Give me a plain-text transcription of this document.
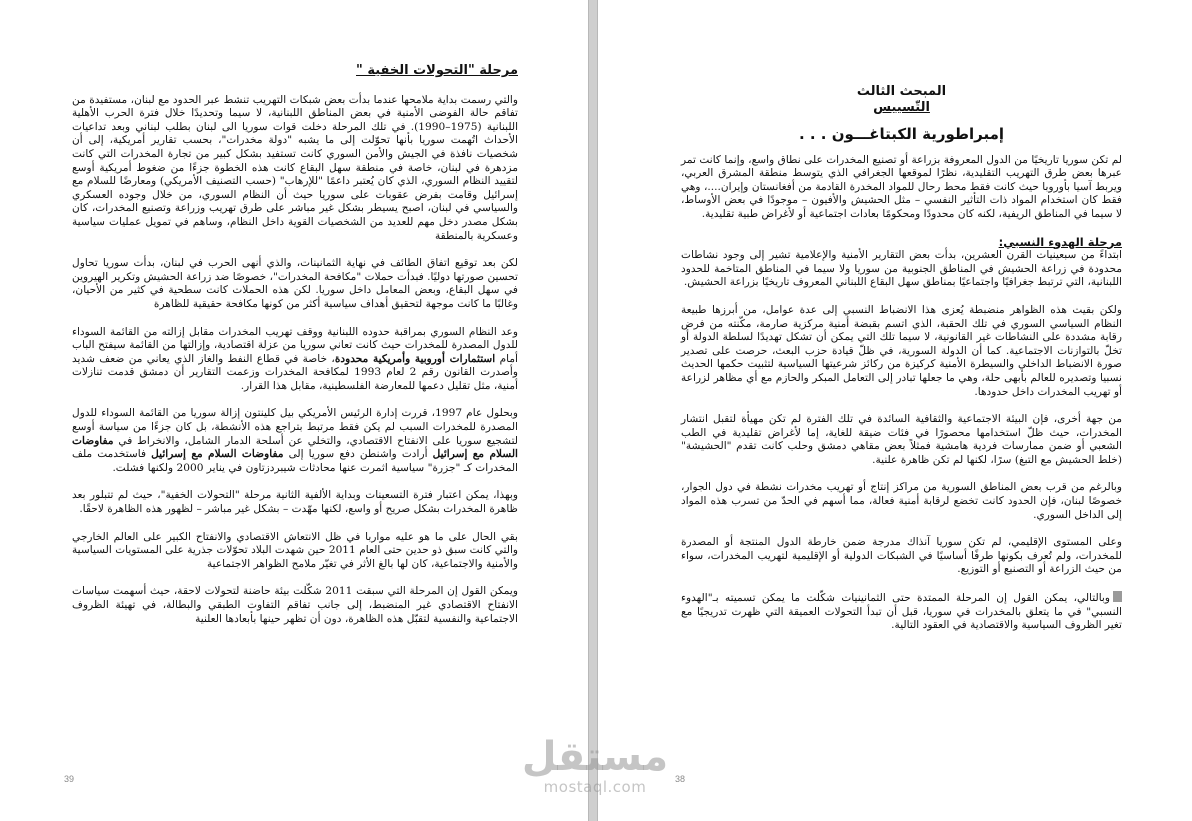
مرحلة "التحولات الخفية "

والتي رسمت بداية ملامحها عندما بدأت بعض شبكات التهريب تنشط عبر الحدود مع لبنان، مستفيدة من تفاقم حالة الفوضى الأمنية في بعض المناطق اللبنانية، لا سيما وتحديدًا خلال فترة الحرب الأهلية اللبنانية (1975–1990). في تلك المرحلة دخلت قوات سوريا الى لبنان بطلب لبناني وبعد تداعيات الأحداث اتُهمت سوريا بأنها تحوّلت إلى ما يشبه "دولة مخدرات"، بحسب تقارير أمريكية، إلى أن شخصيات نافذة في الجيش والأمن السوري كانت تستفيد بشكل كبير من تجارة المخدرات التي كانت مزدهرة في لبنان، خاصة في منطقة سهل البقاع كانت هذه الخطوة جزءًا من ضغوط أمريكية أوسع لتقييد النظام السوري، الذي كان يُعتبر داعمًا "للإرهاب" (حسب التصنيف الأمريكي) ومعارضًا للسلام مع إسرائيل وقامت بفرض عقوبات على سوريا حيث أن النظام السوري، من خلال وجوده العسكري والسياسي في لبنان، اصبح يسيطر بشكل غير مباشر على طرق تهريب وزراعة وتصنيع المخدرات، كان بشكل مصدر دخل مهم للعديد من الشخصيات القوية داخل النظام، وساهم في تمويل عمليات سياسية وعسكرية بالمنطقة

لكن بعد توقيع اتفاق الطائف في نهاية الثمانينات، والذي أنهى الحرب في لبنان، بدأت سوريا تحاول تحسين صورتها دوليًا. فبدأت حملات "مكافحة المخدرات"، خصوصًا ضد زراعة الحشيش وتكرير الهيروين في سهل البقاع، وبعض المعامل داخل سوريا. لكن هذه الحملات كانت سطحية في كثير من الأحيان، وغالبًا ما كانت موجهة لتحقيق أهداف سياسية أكثر من كونها مكافحة حقيقية للظاهرة

وعد النظام السوري بمراقبة حدوده اللبنانية ووقف تهريب المخدرات مقابل إزالته من القائمة السوداء للدول المصدرة للمخدرات حيث كانت تعاني سوريا من عزلة اقتصادية، وإزالتها من القائمة سيفتح الباب أمام استثمارات أوروبية وأمريكية محدودة، خاصة في قطاع النفط والغاز الذي يعاني من ضعف شديد وأصدرت القانون رقم 2 لعام 1993 لمكافحة المخدرات وزعمت التقارير أن دمشق قدمت تنازلات أمنية، مثل تقليل دعمها للمعارضة الفلسطينية، مقابل هذا القرار.

وبحلول عام 1997، قررت إدارة الرئيس الأمريكي بيل كلينتون إزالة سوريا من القائمة السوداء للدول المصدرة للمخدرات السبب لم يكن فقط مرتبط بتراجع هذه الأنشطة، بل كان جزءًا من سياسة أوسع لتشجيع سوريا على الانفتاح الاقتصادي، والتخلي عن أسلحة الدمار الشامل، والانخراط في مفاوضات السلام مع إسرائيل أرادت واشنطن دفع سوريا إلى مفاوضات السلام مع إسرائيل فاستخدمت ملف المخدرات كـ "جزرة" سياسية اثمرت عنها محادثات شيبردزتاون في يناير 2000 ولكنها فشلت.

وبهذا، يمكن اعتبار فترة التسعينات وبداية الألفية الثانية مرحلة "التحولات الخفية"، حيث لم تتبلور بعد ظاهرة المخدرات بشكل صريح أو واسع، لكنها مهّدت – بشكل غير مباشر – لظهور هذه الظاهرة لاحقًا.

بقي الحال على ما هو عليه مواربا في ظل الانتعاش الاقتصادي والانفتاح الكبير على العالم الخارجي والتي كانت سبق ذو حدين حتى العام 2011 حين شهدت البلاد تحوّلات جذرية على المستويات السياسية والأمنية والاجتماعية، كان لها بالغ الأثر في تغيّر ملامح الظواهر الاجتماعية

ويمكن القول إن المرحلة التي سبقت 2011 شكّلت بيئة حاضنة لتحولات لاحقة، حيث أسهمت سياسات الانفتاح الاقتصادي غير المنضبط، إلى جانب تفاقم التفاوت الطبقي والبطالة، في تهيئة الظروف الاجتماعية والنفسية لتقبّل هذه الظاهرة، دون أن تظهر حينها بأبعادها العلنية

39
المبحث الثالث
التّسييس
إمبراطورية الكبتاغـــون . . .

لم تكن سوريا تاريخيًا من الدول المعروفة بزراعة أو تصنيع المخدرات على نطاق واسع، وإنما كانت تمر عبرها بعض طرق التهريب التقليدية، نظرًا لموقعها الجغرافي الذي يتوسط منطقة المشرق العربي، ويربط آسيا بأوروبا حيث كانت فقط محط رحال للمواد المخدرة القادمة من أفغانستان وإيران....، وهي فقط كان استخدام المواد ذات التأثير النفسي – مثل الحشيش والأفيون – موجودًا في بعض الأوساط، لا سيما في المناطق الريفية، لكنه كان محدودًا ومحكومًا بعادات اجتماعية أو لأغراض طبية تقليدية.

مرحلة الهدوء النسبي:

ابتداءً من سبعينيات القرن العشرين، بدأت بعض التقارير الأمنية والإعلامية تشير إلى وجود نشاطات محدودة في زراعة الحشيش في المناطق الجنوبية من سوريا ولا سيما في المناطق المتاخمة للحدود اللبنانية، التي ترتبط جغرافيًا واجتماعيًا بمناطق سهل البقاع اللبناني المعروف تاريخيًا بزراعة الحشيش.

ولكن بقيت هذه الظواهر منضبطة يُعزى هذا الانضباط النسبي إلى عدة عوامل، من أبرزها طبيعة النظام السياسي السوري في تلك الحقبة، الذي اتسم بقبضة أمنية مركزية صارمة، مكّنته من فرض رقابة مشددة على النشاطات غير القانونية، لا سيما تلك التي يمكن أن تشكل تهديدًا لسلطة الدولة أو تخلّ بالتوازنات الاجتماعية. كما أن الدولة السورية، في ظلّ قيادة حزب البعث، حرصت على تصدير صورة الانضباط الداخلي والسيطرة الأمنية كركيزة من ركائز شرعيتها السياسية لتثبيت حكمها الحديث نسبيا وتصديره للعالم بأبهى حلة، وهي ما جعلها تبادر إلى التعامل المبكر والحازم مع أي مظاهر لزراعة أو تهريب المخدرات داخل حدودها.

من جهة أخرى، فإن البيئة الاجتماعية والثقافية السائدة في تلك الفترة لم تكن مهيأة لتقبل انتشار المخدرات، حيث ظلّ استخدامها محصورًا في فئات ضيقة للغاية، إما لأغراض تقليدية في الطب الشعبي أو ضمن ممارسات فردية هامشية فمثلاً بعض مقاهي دمشق وحلب كانت تقدم "الحشيشة" (خلط الحشيش مع التبغ) سرًا، لكنها لم تكن ظاهرة علنية.

وبالرغم من قرب بعض المناطق السورية من مراكز إنتاج أو تهريب مخدرات نشطة في دول الجوار، خصوصًا لبنان، فإن الحدود كانت تخضع لرقابة أمنية فعالة، مما أسهم في الحدّ من تسرب هذه المواد إلى الداخل السوري.

وعلى المستوى الإقليمي، لم تكن سوريا آنذاك مدرجة ضمن خارطة الدول المنتجة أو المصدرة للمخدرات، ولم تُعرف بكونها طرفًا أساسيًا في الشبكات الدولية أو الإقليمية لتهريب المخدرات، سواء من حيث الزراعة أو التصنيع أو التوزيع.

وبالتالي، يمكن القول إن المرحلة الممتدة حتى الثمانينيات شكّلت ما يمكن تسميته بـ"الهدوء النسبي" في ما يتعلق بالمخدرات في سوريا، قبل أن تبدأ التحولات العميقة التي ظهرت تدريجيًا مع تغير الظروف السياسية والاقتصادية في العقود التالية.

38
مستقل
mostaql.com
